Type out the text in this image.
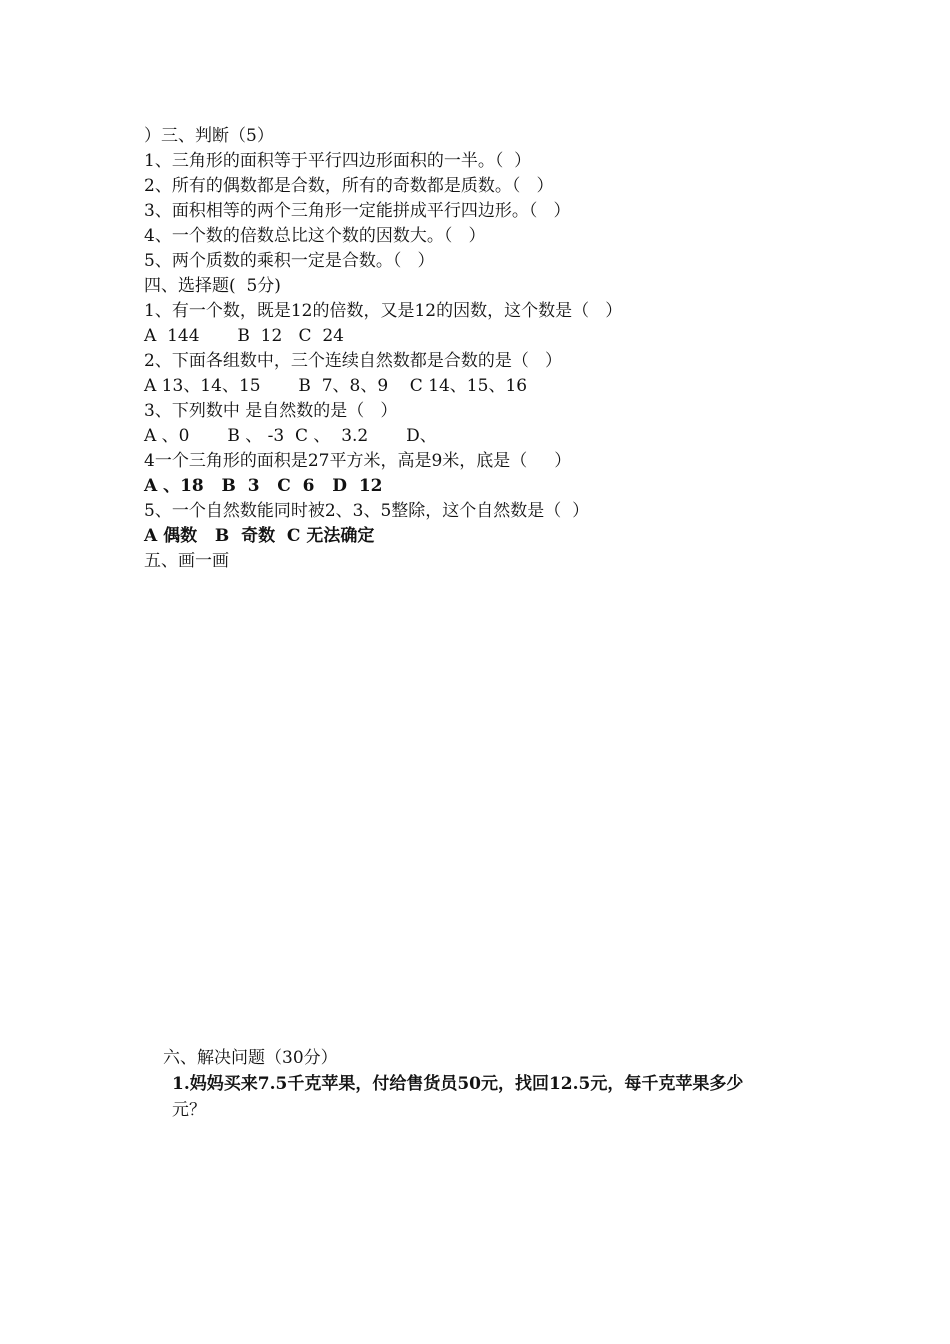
）三、判断（5）
1、三角形的面积等于平行四边形面积的一半。（  ）
2、所有的偶数都是合数，所有的奇数都是质数。（   ）
3、面积相等的两个三角形一定能拼成平行四边形。（   ）
4、一个数的倍数总比这个数的因数大。（   ）
5、两个质数的乘积一定是合数。（   ）
四、选择题(  5分)
1、有一个数，既是12的倍数，又是12的因数，这个数是（   ）
A  144       B  12   C  24
2、下面各组数中，三个连续自然数都是合数的是（   ）
A 13、14、15       B  7、8、9    C 14、15、16
3、下列数中 是自然数的是（   ）
A 、0       B 、 -3  C 、  3.2       D、
4一个三角形的面积是27平方米，高是9米，底是（     ）
A 、18   B  3   C  6   D  12
5、一个自然数能同时被2、3、5整除，这个自然数是（  ）
A 偶数   B  奇数  C 无法确定
五、画一画
六、解决问题（30分）
1.妈妈买来7.5千克苹果，付给售货员50元，找回12.5元，每千克苹果多少
元？
